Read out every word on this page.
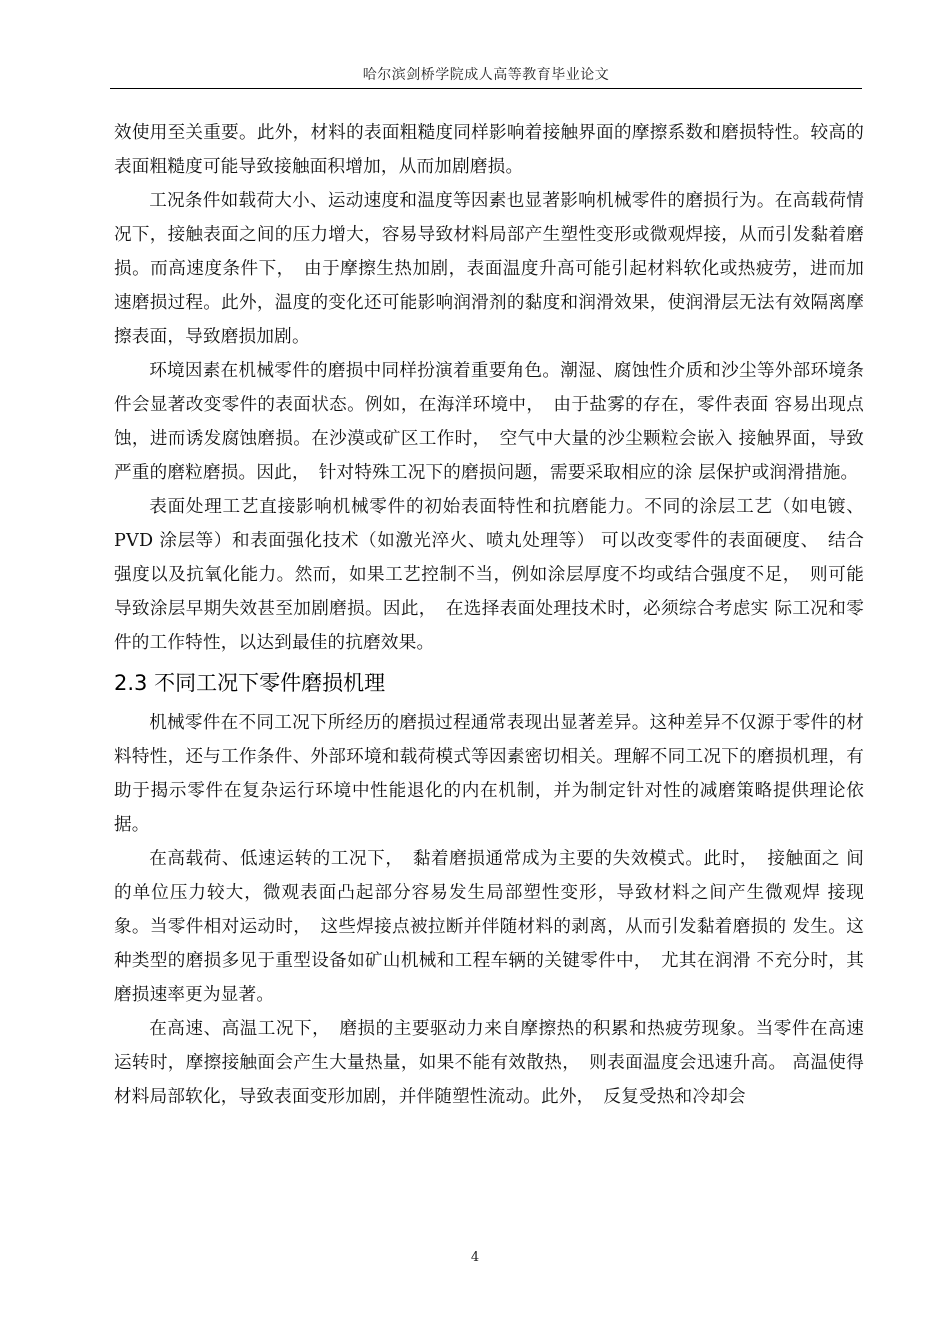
哈尔滨剑桥学院成人高等教育毕业论文

效使用至关重要。此外，材料的表面粗糙度同样影响着接触界面的摩擦系数和磨损特性。较高的表面粗糙度可能导致接触面积增加，从而加剧磨损。

工况条件如载荷大小、运动速度和温度等因素也显著影响机械零件的磨损行为。在高载荷情况下，接触表面之间的压力增大，容易导致材料局部产生塑性变形或微观焊接，从而引发黏着磨损。而高速度条件下，　由于摩擦生热加剧，表面温度升高可能引起材料软化或热疲劳，进而加速磨损过程。此外，温度的变化还可能影响润滑剂的黏度和润滑效果，使润滑层无法有效隔离摩擦表面，导致磨损加剧。

环境因素在机械零件的磨损中同样扮演着重要角色。潮湿、腐蚀性介质和沙尘等外部环境条件会显著改变零件的表面状态。例如，在海洋环境中，　由于盐雾的存在，零件表面 容易出现点蚀，进而诱发腐蚀磨损。在沙漠或矿区工作时，　空气中大量的沙尘颗粒会嵌入 接触界面，导致严重的磨粒磨损。因此，　针对特殊工况下的磨损问题，需要采取相应的涂 层保护或润滑措施。

表面处理工艺直接影响机械零件的初始表面特性和抗磨能力。不同的涂层工艺（如电镀、PVD 涂层等）和表面强化技术（如激光淬火、喷丸处理等） 可以改变零件的表面硬度、　结合强度以及抗氧化能力。然而，如果工艺控制不当，例如涂层厚度不均或结合强度不足，　则可能导致涂层早期失效甚至加剧磨损。因此，　在选择表面处理技术时，必须综合考虑实 际工况和零件的工作特性，以达到最佳的抗磨效果。

2.3 不同工况下零件磨损机理

机械零件在不同工况下所经历的磨损过程通常表现出显著差异。这种差异不仅源于零件的材料特性，还与工作条件、外部环境和载荷模式等因素密切相关。理解不同工况下的磨损机理，有助于揭示零件在复杂运行环境中性能退化的内在机制，并为制定针对性的减磨策略提供理论依据。

在高载荷、低速运转的工况下，　黏着磨损通常成为主要的失效模式。此时，　接触面之 间的单位压力较大，微观表面凸起部分容易发生局部塑性变形，导致材料之间产生微观焊 接现象。当零件相对运动时，　这些焊接点被拉断并伴随材料的剥离，从而引发黏着磨损的 发生。这种类型的磨损多见于重型设备如矿山机械和工程车辆的关键零件中，　尤其在润滑 不充分时，其磨损速率更为显著。

在高速、高温工况下，　磨损的主要驱动力来自摩擦热的积累和热疲劳现象。当零件在高速运转时，摩擦接触面会产生大量热量，如果不能有效散热，　则表面温度会迅速升高。 高温使得材料局部软化，导致表面变形加剧，并伴随塑性流动。此外，　反复受热和冷却会

4
